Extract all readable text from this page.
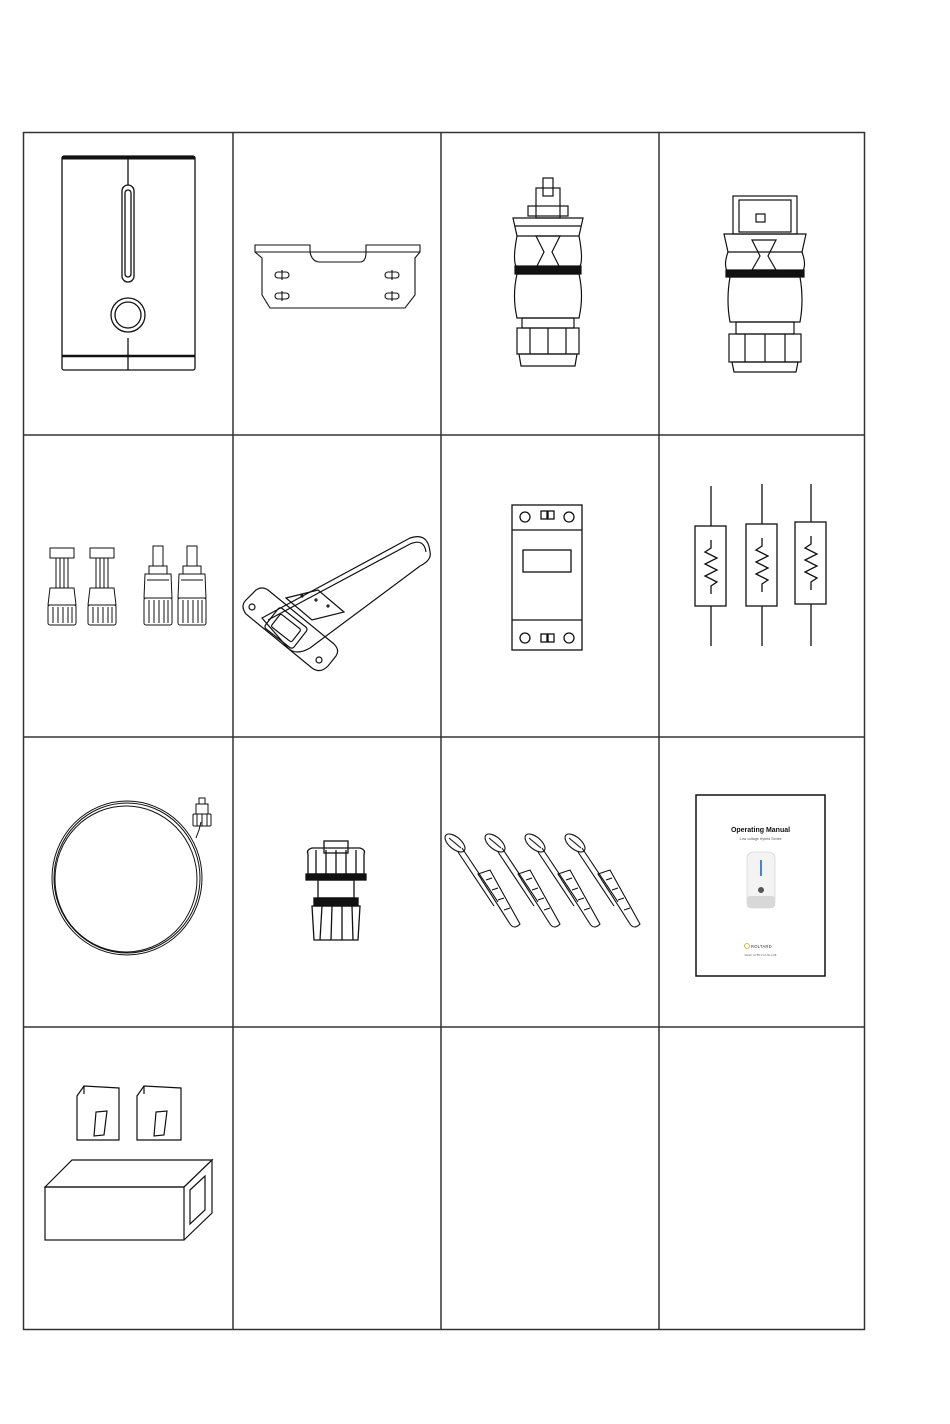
Operating Manual
Low voltage Hybrid Series
ROLTARD
Model: HYB5-V-LF-5K-LOB
